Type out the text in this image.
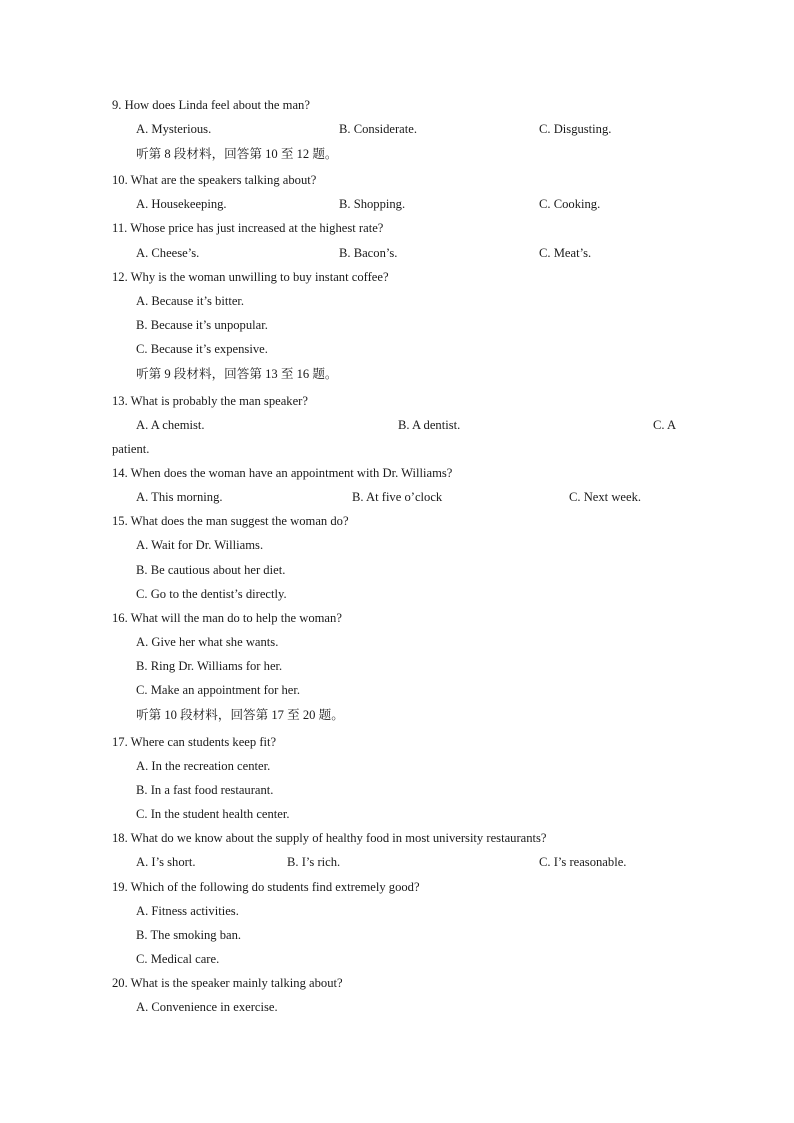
9. How does Linda feel about the man?
A. Mysterious.	B. Considerate.	C. Disgusting.
听第 8 段材料，回答第 10 至 12 题。
10. What are the speakers talking about?
A. Housekeeping.	B. Shopping.	C. Cooking.
11. Whose price has just increased at the highest rate?
A. Cheese’s.	B. Bacon’s.	C. Meat’s.
12. Why is the woman unwilling to buy instant coffee?
A. Because it’s bitter.
B. Because it’s unpopular.
C. Because it’s expensive.
听第 9 段材料，回答第 13 至 16 题。
13. What is probably the man speaker?
A. A chemist.	B. A dentist.	C. A
patient.
14. When does the woman have an appointment with Dr. Williams?
A. This morning.	B. At five o’clock	C. Next week.
15. What does the man suggest the woman do?
A. Wait for Dr. Williams.
B. Be cautious about her diet.
C. Go to the dentist’s directly.
16. What will the man do to help the woman?
A. Give her what she wants.
B. Ring Dr. Williams for her.
C. Make an appointment for her.
听第 10 段材料，回答第 17 至 20 题。
17. Where can students keep fit?
A. In the recreation center.
B. In a fast food restaurant.
C. In the student health center.
18. What do we know about the supply of healthy food in most university restaurants?
A. I’s short.	B. I’s rich.	C. I’s reasonable.
19. Which of the following do students find extremely good?
A. Fitness activities.
B. The smoking ban.
C. Medical care.
20. What is the speaker mainly talking about?
A. Convenience in exercise.
